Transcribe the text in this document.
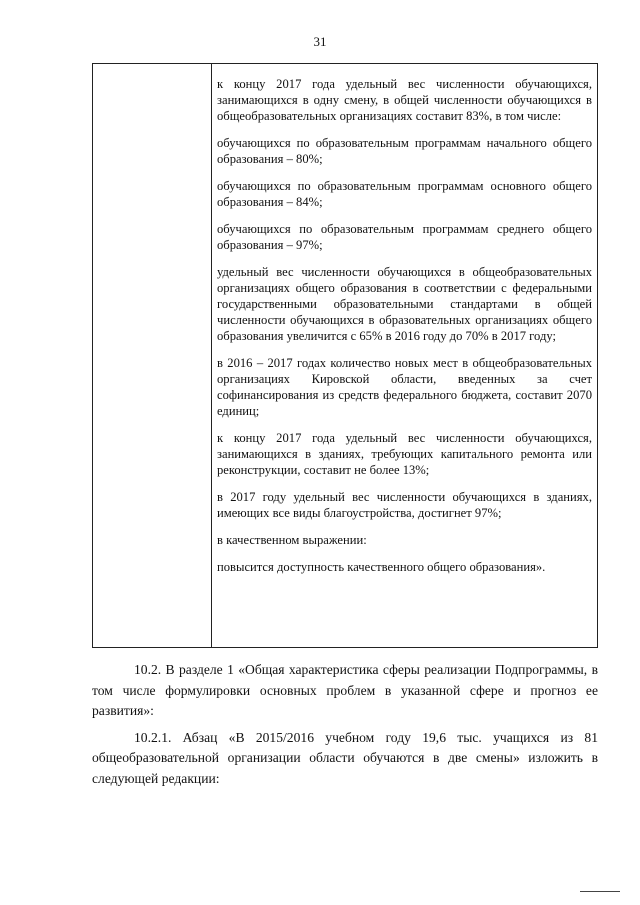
31

к концу 2017 года удельный вес численности обучающихся, занимающихся в одну смену, в общей численности обучающихся в общеобразовательных организациях составит 83%, в том числе:

обучающихся по образовательным программам начального общего образования – 80%;

обучающихся по образовательным программам основного общего образования – 84%;

обучающихся по образовательным программам среднего общего образования – 97%;

удельный вес численности обучающихся в общеобразовательных организациях общего образования в соответствии с федеральными государственными образовательными стандартами в общей численности обучающихся в образовательных организациях общего образования увеличится с 65% в 2016 году до 70% в 2017 году;

в 2016 – 2017 годах количество новых мест в общеобразовательных организациях Кировской области, введенных за счет софинансирования из средств федерального бюджета, составит 2070 единиц;

к концу 2017 года удельный вес численности обучающихся, занимающихся в зданиях, требующих капитального ремонта или реконструкции, составит не более 13%;

в 2017 году удельный вес численности обучающихся в зданиях, имеющих все виды благоустройства, достигнет 97%;

в качественном выражении:

повысится доступность качественного общего образования».

10.2. В разделе 1 «Общая характеристика сферы реализации Подпрограммы, в том числе формулировки основных проблем в указанной сфере и прогноз ее развития»:

10.2.1. Абзац «В 2015/2016 учебном году 19,6 тыс. учащихся из 81 общеобразовательной организации области обучаются в две смены» изложить в следующей редакции:
